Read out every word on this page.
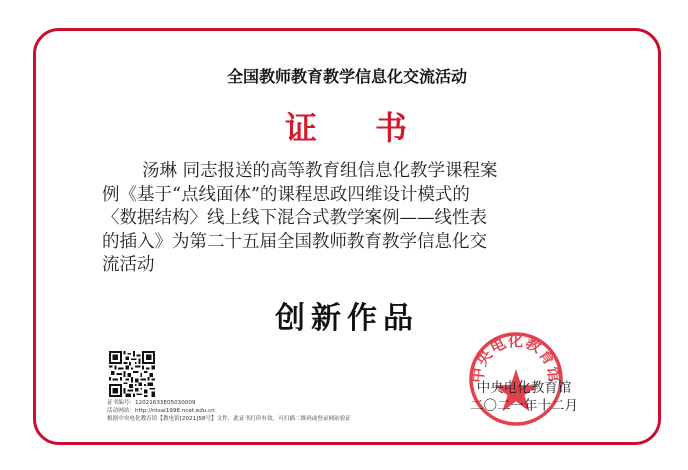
全国教师教育教学信息化交流活动
证 书
汤琳 同志报送的高等教育组信息化教学课程案
例《基于“点线面体”的课程思政四维设计模式的
〈数据结构〉线上线下混合式教学案例——线性表
的插入》为第二十五届全国教师教育教学信息化交
流活动
创新作品
证书编号：12021633E05030009
活动网站：http://ntsai1998.ncet.edu.cn
根据中央电化教育馆【教电馆[2021]58号】文件，此证书打印有效，可扫描二维码或登录网站验证
中央电化教育馆
中央电化教育馆
二〇二一年十二月
